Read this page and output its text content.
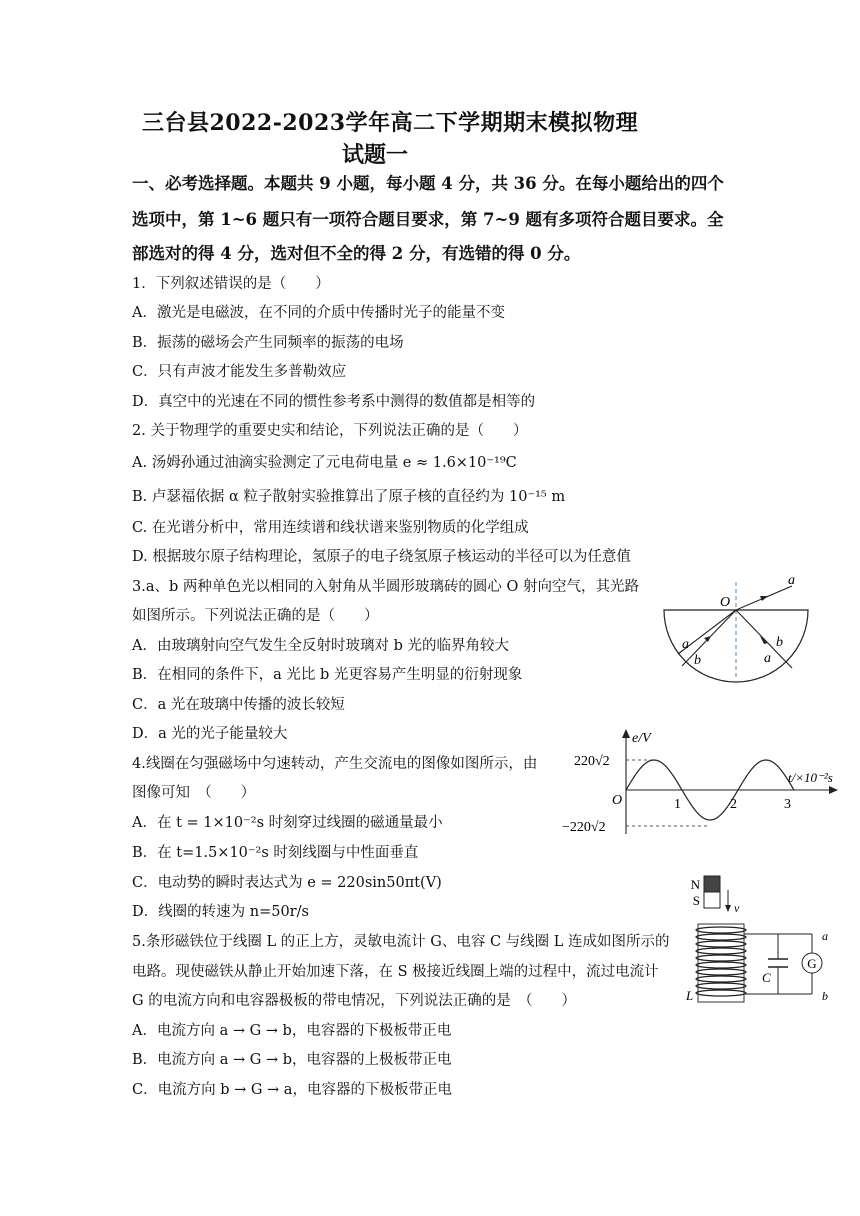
三台县2022-2023学年高二下学期期末模拟物理
试题一
一、必考选择题。本题共 9 小题，每小题 4 分，共 36 分。在每小题给出的四个
选项中，第 1~6 题只有一项符合题目要求，第 7~9 题有多项符合题目要求。全
部选对的得 4 分，选对但不全的得 2 分，有选错的得 0 分。
1．下列叙述错误的是（　　）
A．激光是电磁波，在不同的介质中传播时光子的能量不变
B．振荡的磁场会产生同频率的振荡的电场
C．只有声波才能发生多普勒效应
D．真空中的光速在不同的惯性参考系中测得的数值都是相等的
2. 关于物理学的重要史实和结论，下列说法正确的是（　　）
A. 汤姆孙通过油滴实验测定了元电荷电量 e ≈ 1.6×10⁻¹⁹C
B. 卢瑟福依据 α 粒子散射实验推算出了原子核的直径约为 10⁻¹⁵ m
C. 在光谱分析中，常用连续谱和线状谱来鉴别物质的化学组成
D. 根据玻尔原子结构理论，氢原子的电子绕氢原子核运动的半径可以为任意值
3.a、b 两种单色光以相同的入射角从半圆形玻璃砖的圆心 O 射向空气，其光路
如图所示。下列说法正确的是（　　）
A．由玻璃射向空气发生全反射时玻璃对 b 光的临界角较大
B．在相同的条件下，a 光比 b 光更容易产生明显的衍射现象
C．a 光在玻璃中传播的波长较短
D．a 光的光子能量较大
O
a
a
b
b
a
4.线圈在匀强磁场中匀速转动，产生交流电的图像如图所示，由
图像可知　（　　）
A．在 t = 1×10⁻²s 时刻穿过线圈的磁通量最小
B．在 t=1.5×10⁻²s 时刻线圈与中性面垂直
C．电动势的瞬时表达式为 e = 220sin50πt(V)
D．线圈的转速为 n=50r/s
e/V
t/×10⁻²s
220√2
−220√2
O	1	2	3
5.条形磁铁位于线圈 L 的正上方，灵敏电流计 G、电容 C 与线圈 L 连成如图所示的
电路。现使磁铁从静止开始加速下落，在 S 极接近线圈上端的过程中，流过电流计
G 的电流方向和电容器极板的带电情况，下列说法正确的是　（　　）
A．电流方向 a → G → b，电容器的下极板带正电
B．电流方向 a → G → b，电容器的上极板带正电
C．电流方向 b → G → a，电容器的下极板带正电
N
S	v
C
G
a
b
L
